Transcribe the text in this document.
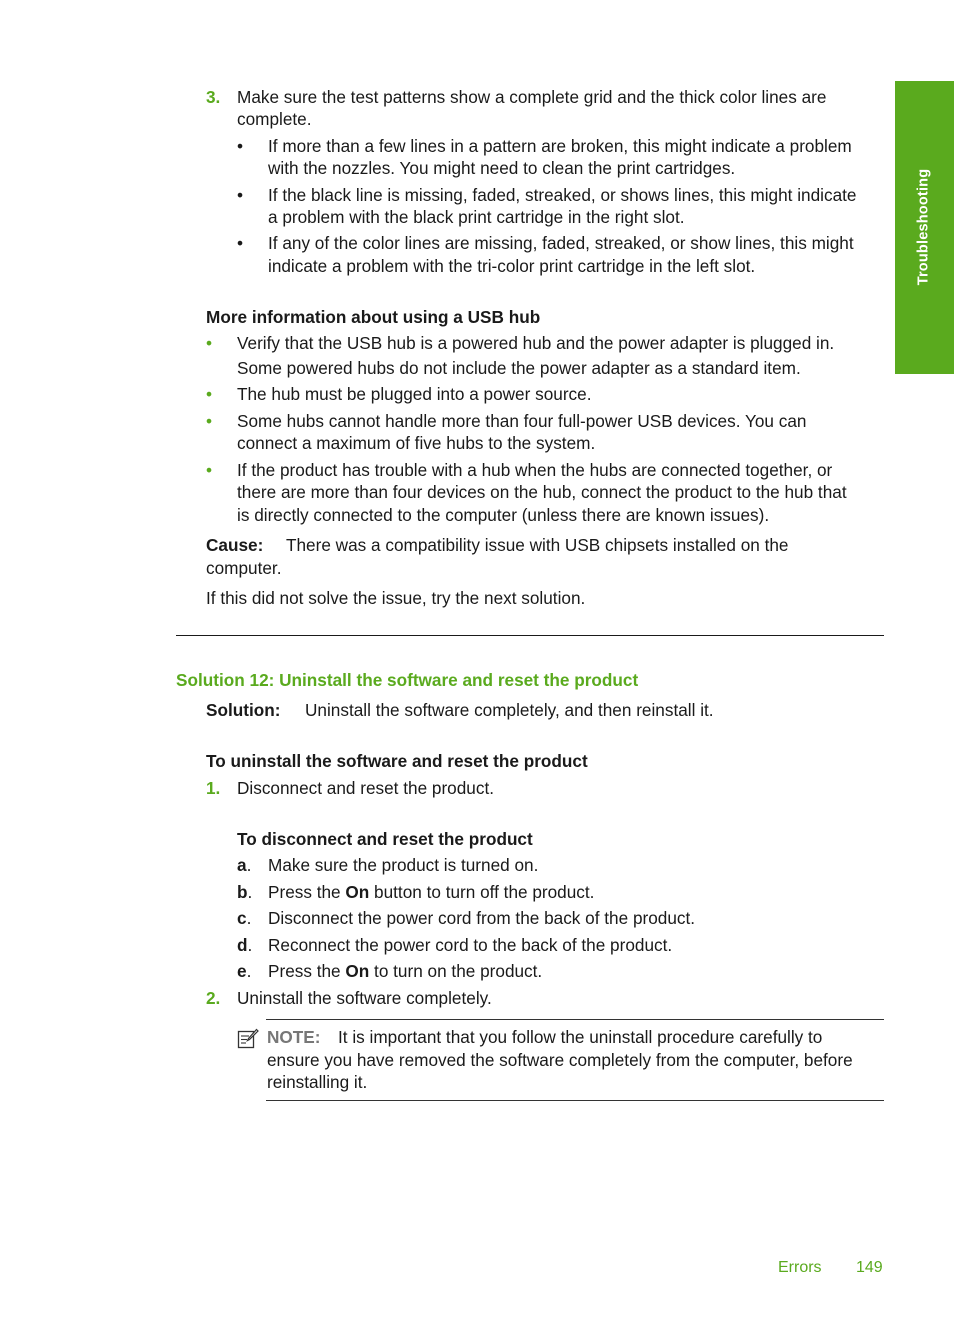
Troubleshooting
3. Make sure the test patterns show a complete grid and the thick color lines are
complete.
• If more than a few lines in a pattern are broken, this might indicate a problem
with the nozzles. You might need to clean the print cartridges.
• If the black line is missing, faded, streaked, or shows lines, this might indicate
a problem with the black print cartridge in the right slot.
• If any of the color lines are missing, faded, streaked, or show lines, this might
indicate a problem with the tri-color print cartridge in the left slot.
More information about using a USB hub
• Verify that the USB hub is a powered hub and the power adapter is plugged in.
Some powered hubs do not include the power adapter as a standard item.
• The hub must be plugged into a power source.
• Some hubs cannot handle more than four full-power USB devices. You can
connect a maximum of five hubs to the system.
• If the product has trouble with a hub when the hubs are connected together, or
there are more than four devices on the hub, connect the product to the hub that
is directly connected to the computer (unless there are known issues).
Cause: There was a compatibility issue with USB chipsets installed on the
computer.
If this did not solve the issue, try the next solution.
Solution 12: Uninstall the software and reset the product
Solution: Uninstall the software completely, and then reinstall it.
To uninstall the software and reset the product
1. Disconnect and reset the product.
To disconnect and reset the product
a. Make sure the product is turned on.
b. Press the On button to turn off the product.
c. Disconnect the power cord from the back of the product.
d. Reconnect the power cord to the back of the product.
e. Press the On to turn on the product.
2. Uninstall the software completely.
NOTE: It is important that you follow the uninstall procedure carefully to
ensure you have removed the software completely from the computer, before
reinstalling it.
Errors 149
